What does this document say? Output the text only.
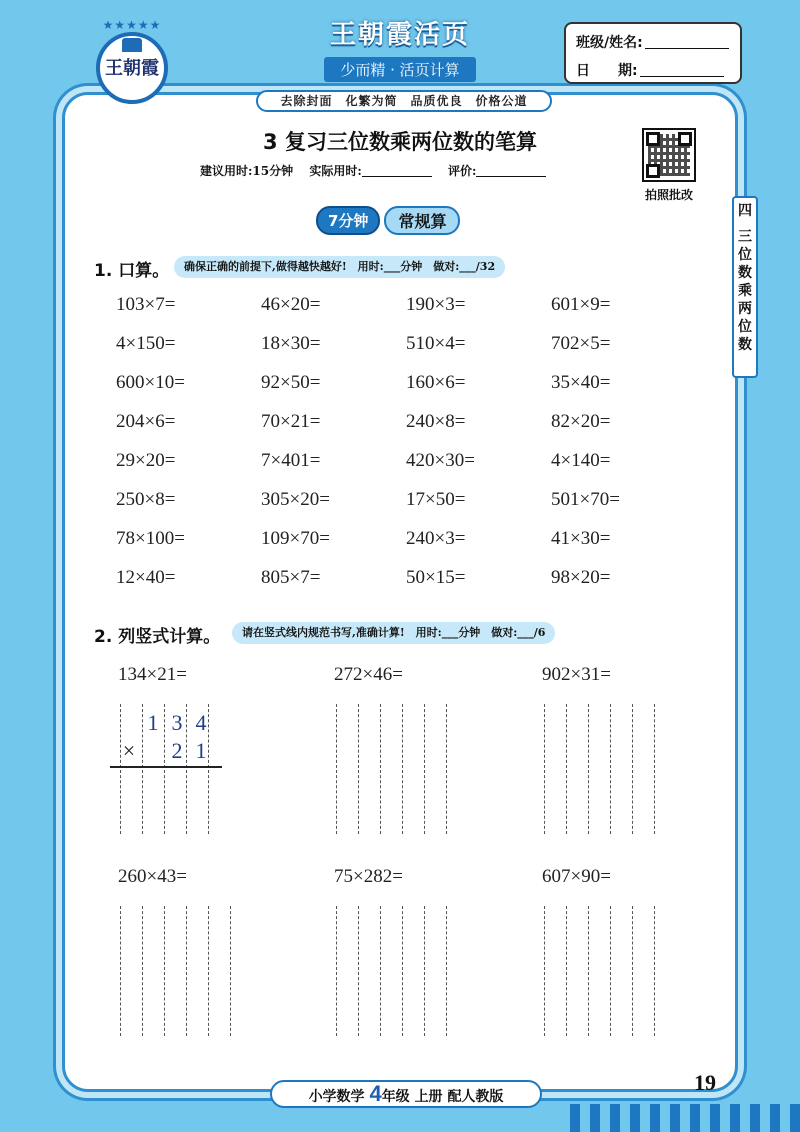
★★★★★
王朝霞
王朝霞活页
少而精 · 活页计算
去除封面　化繁为简　品质优良　价格公道
班级/姓名:
日　　期:
3 复习三位数乘两位数的笔算
建议用时:15分钟　 实际用时:　	评价:
拍照批改
7分钟	常规算
四
三
位
数
乘
两
位
数
1. 口算。	确保正确的前提下,做得越快越好!　用时:___分钟　做对:___/32
103×7=	46×20=	190×3=	601×9=
4×150=	18×30=	510×4=	702×5=
600×10=	92×50=	160×6=	35×40=
204×6=	70×21=	240×8=	82×20=
29×20=	7×401=	420×30=	4×140=
250×8=	305×20=	17×50=	501×70=
78×100=	109×70=	240×3=	41×30=
12×40=	805×7=	50×15=	98×20=
2. 列竖式计算。	请在竖式线内规范书写,准确计算!　用时:___分钟　做对:___/6
134×21=	272×46=	902×31=
260×43=	75×282=	607×90=
1 3 4
× 2 1
19
小学数学 4年级 上册 配人教版
